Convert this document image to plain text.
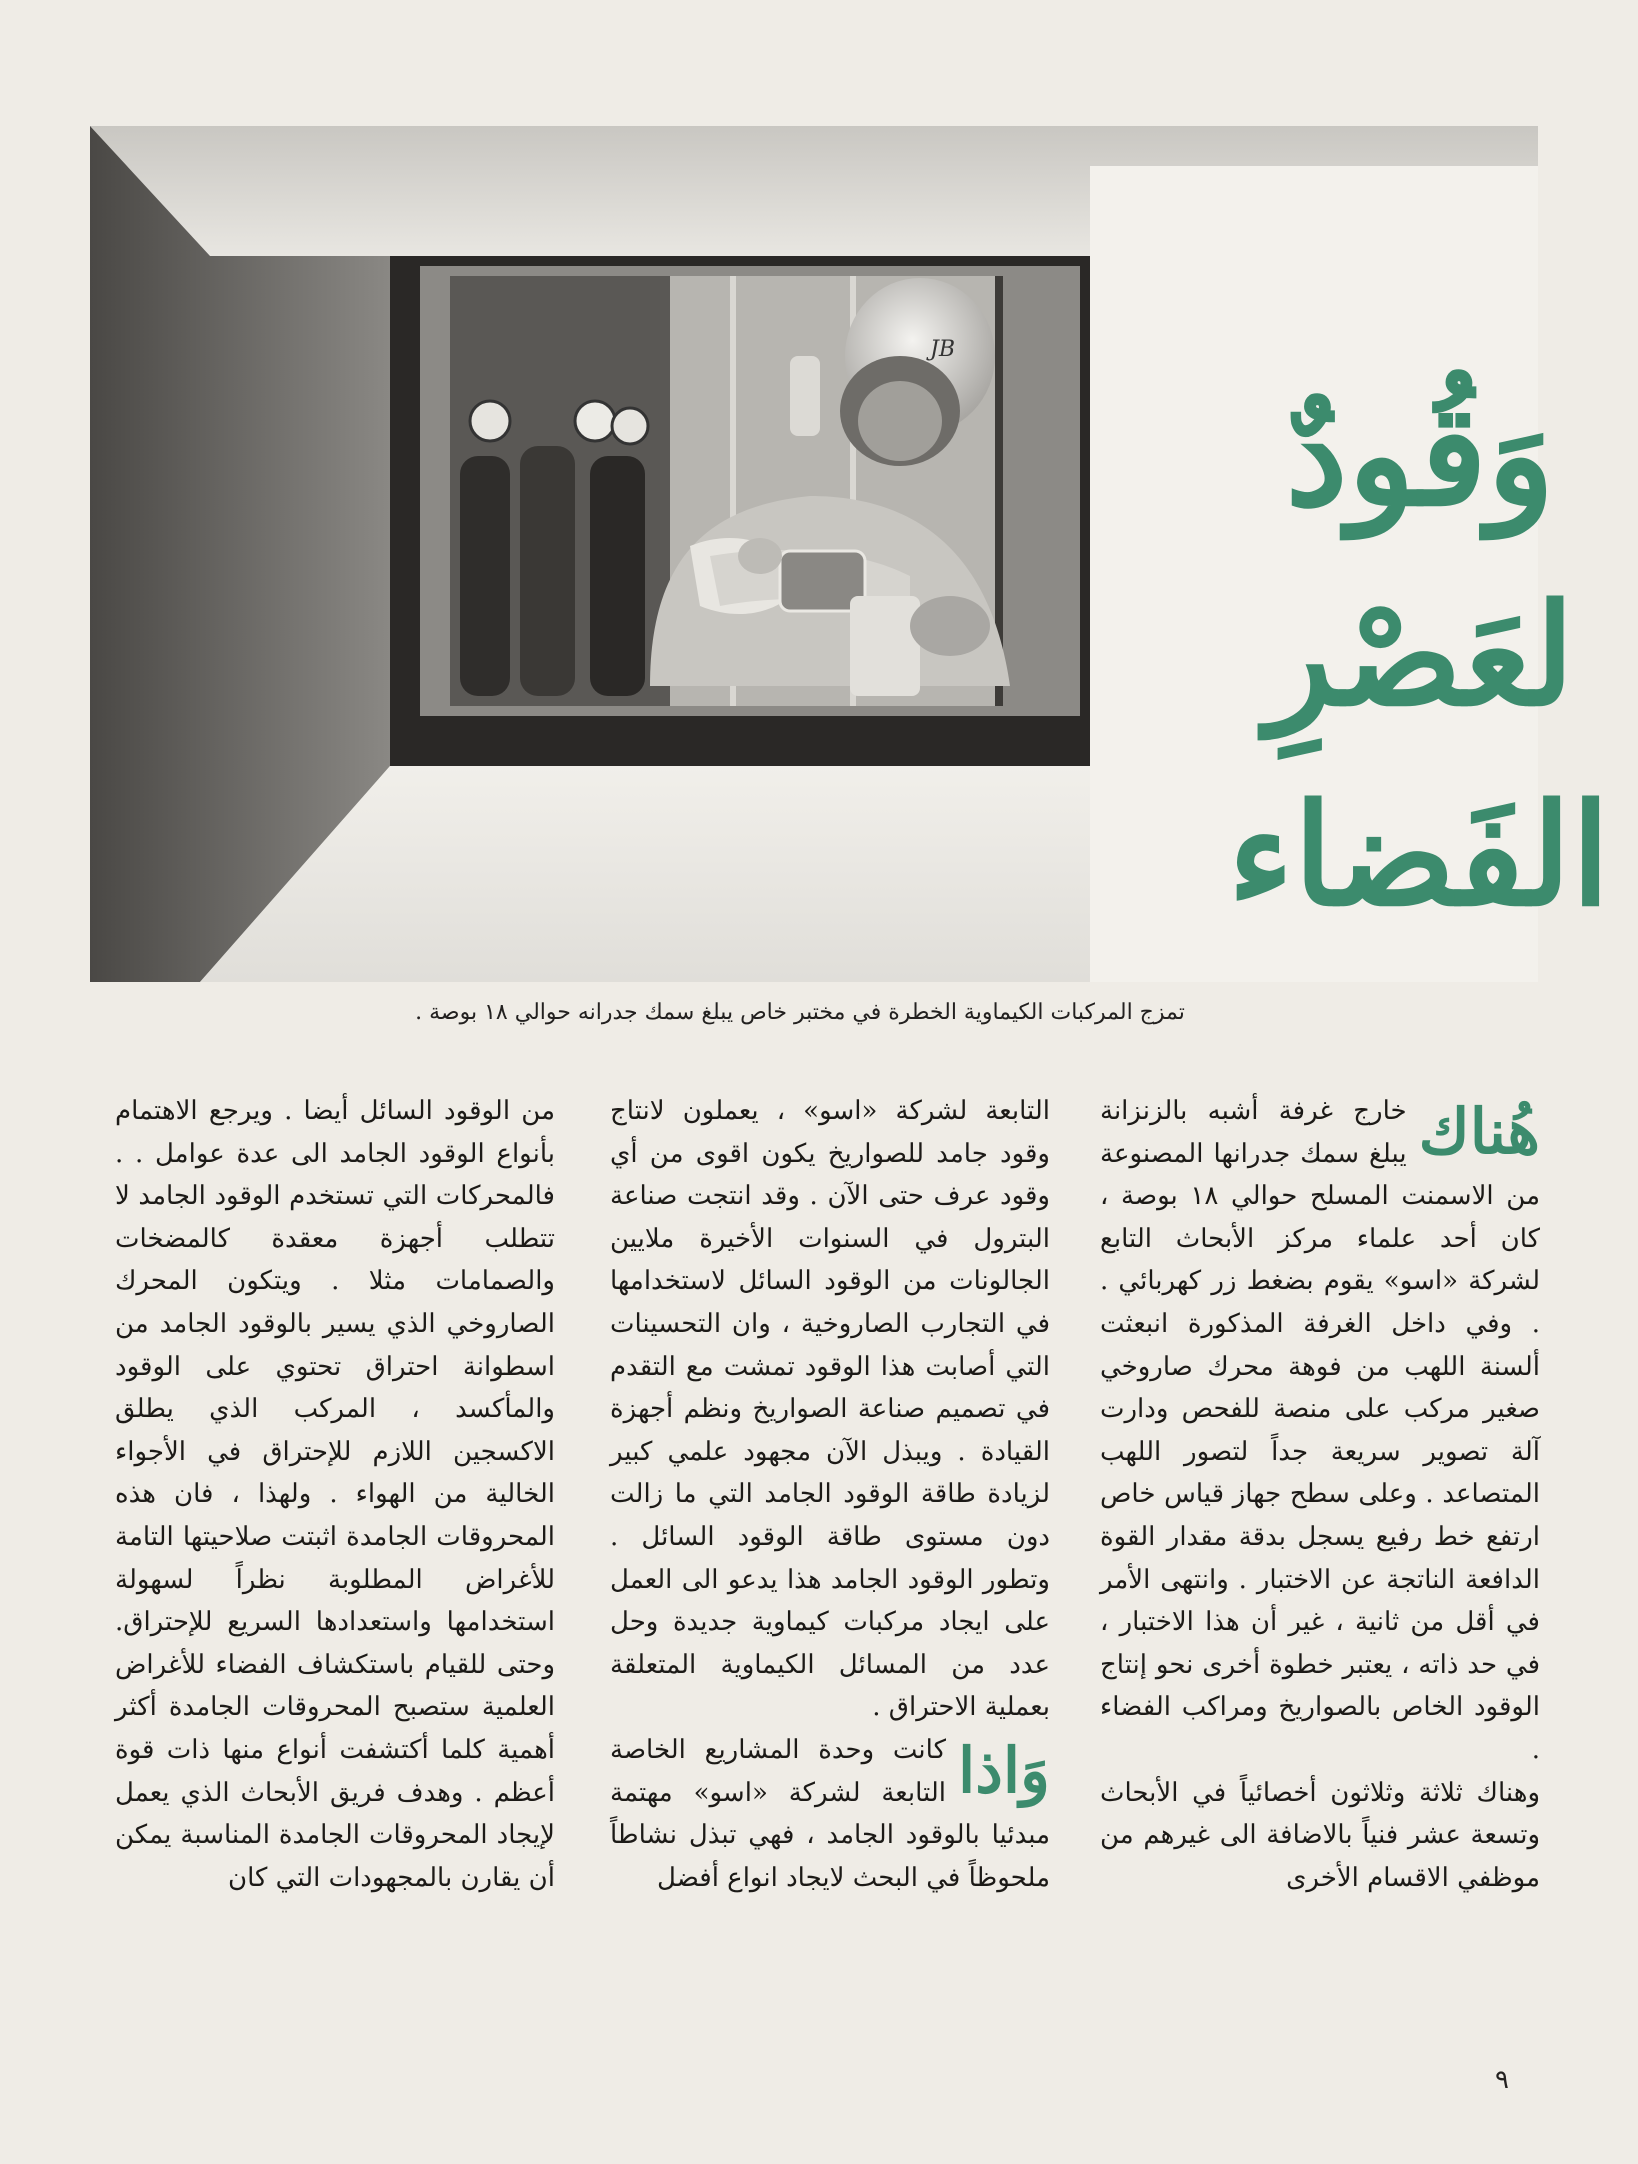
JB
وَقُودٌ
لعَصْرِ
الفَضاء
تمزج المركبات الكيماوية الخطرة في مختبر خاص يبلغ سمك جدرانه حوالي ١٨ بوصة .
هُناك

خارج غرفة أشبه بالزنزانة يبلغ سمك جدرانها المصنوعة من الاسمنت المسلح حوالي ١٨ بوصة ، كان أحد علماء مركز الأبحاث التابع لشركة «اسو» يقوم بضغط زر كهربائي . . وفي داخل الغرفة المذكورة انبعثت ألسنة اللهب من فوهة محرك صاروخي صغير مركب على منصة للفحص ودارت آلة تصوير سريعة جداً لتصور اللهب المتصاعد . وعلى سطح جهاز قياس خاص ارتفع خط رفيع يسجل بدقة مقدار القوة الدافعة الناتجة عن الاختبار . وانتهى الأمر في أقل من ثانية ، غير أن هذا الاختبار ، في حد ذاته ، يعتبر خطوة أخرى نحو إنتاج الوقود الخاص بالصواريخ ومراكب الفضاء .

وهناك ثلاثة وثلاثون أخصائياً في الأبحاث وتسعة عشر فنياً بالاضافة الى غيرهم من موظفي الاقسام الأخرى

التابعة لشركة «اسو» ، يعملون لانتاج وقود جامد للصواريخ يكون اقوى من أي وقود عرف حتى الآن . وقد انتجت صناعة البترول في السنوات الأخيرة ملايين الجالونات من الوقود السائل لاستخدامها في التجارب الصاروخية ، وان التحسينات التي أصابت هذا الوقود تمشت مع التقدم في تصميم صناعة الصواريخ ونظم أجهزة القيادة . ويبذل الآن مجهود علمي كبير لزيادة طاقة الوقود الجامد التي ما زالت دون مستوى طاقة الوقود السائل . وتطور الوقود الجامد هذا يدعو الى العمل على ايجاد مركبات كيماوية جديدة وحل عدد من المسائل الكيماوية المتعلقة بعملية الاحتراق .

وَاذا

كانت وحدة المشاريع الخاصة التابعة لشركة «اسو» مهتمة مبدئيا بالوقود الجامد ، فهي تبذل نشاطاً ملحوظاً في البحث لايجاد انواع أفضل

من الوقود السائل أيضا . ويرجع الاهتمام بأنواع الوقود الجامد الى عدة عوامل . . فالمحركات التي تستخدم الوقود الجامد لا تتطلب أجهزة معقدة كالمضخات والصمامات مثلا . ويتكون المحرك الصاروخي الذي يسير بالوقود الجامد من اسطوانة احتراق تحتوي على الوقود والمأكسد ، المركب الذي يطلق الاكسجين اللازم للإحتراق في الأجواء الخالية من الهواء . ولهذا ، فان هذه المحروقات الجامدة اثبتت صلاحيتها التامة للأغراض المطلوبة نظراً لسهولة استخدامها واستعدادها السريع للإحتراق. وحتى للقيام باستكشاف الفضاء للأغراض العلمية ستصبح المحروقات الجامدة أكثر أهمية كلما أكتشفت أنواع منها ذات قوة أعظم . وهدف فريق الأبحاث الذي يعمل لإيجاد المحروقات الجامدة المناسبة يمكن أن يقارن بالمجهودات التي كان

٩
